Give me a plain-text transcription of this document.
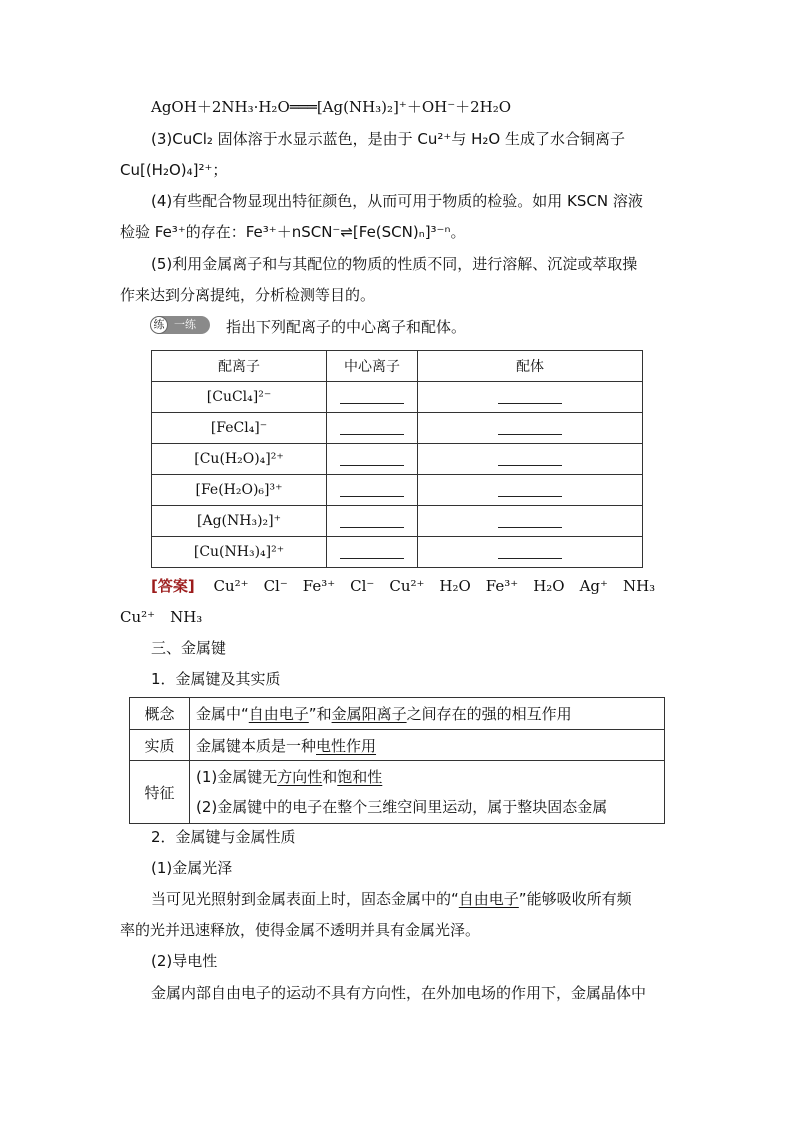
AgOH＋2NH₃·H₂O═══[Ag(NH₃)₂]⁺＋OH⁻＋2H₂O
(3)CuCl₂ 固体溶于水显示蓝色，是由于 Cu²⁺与 H₂O 生成了水合铜离子
Cu[(H₂O)₄]²⁺；
(4)有些配合物显现出特征颜色，从而可用于物质的检验。如用 KSCN 溶液
检验 Fe³⁺的存在：Fe³⁺＋nSCN⁻⇌[Fe(SCN)ₙ]³⁻ⁿ。
(5)利用金属离子和与其配位的物质的性质不同，进行溶解、沉淀或萃取操
作来达到分离提纯，分析检测等目的。
练 一练 指出下列配离子的中心离子和配体。
配离子	中心离子	配体
[CuCl₄]²⁻		
[FeCl₄]⁻		
[Cu(H₂O)₄]²⁺		
[Fe(H₂O)₆]³⁺		
[Ag(NH₃)₂]⁺		
[Cu(NH₃)₄]²⁺		
[答案] Cu²⁺　Cl⁻　Fe³⁺　Cl⁻　Cu²⁺　H₂O　Fe³⁺　H₂O　Ag⁺　NH₃
Cu²⁺　NH₃
三、金属键
1．金属键及其实质
概念	金属中“自由电子”和金属阳离子之间存在的强的相互作用
实质	金属键本质是一种电性作用
特征	(1)金属键无方向性和饱和性
(2)金属键中的电子在整个三维空间里运动，属于整块固态金属
2．金属键与金属性质
(1)金属光泽
当可见光照射到金属表面上时，固态金属中的“自由电子”能够吸收所有频
率的光并迅速释放，使得金属不透明并具有金属光泽。
(2)导电性
金属内部自由电子的运动不具有方向性，在外加电场的作用下，金属晶体中
